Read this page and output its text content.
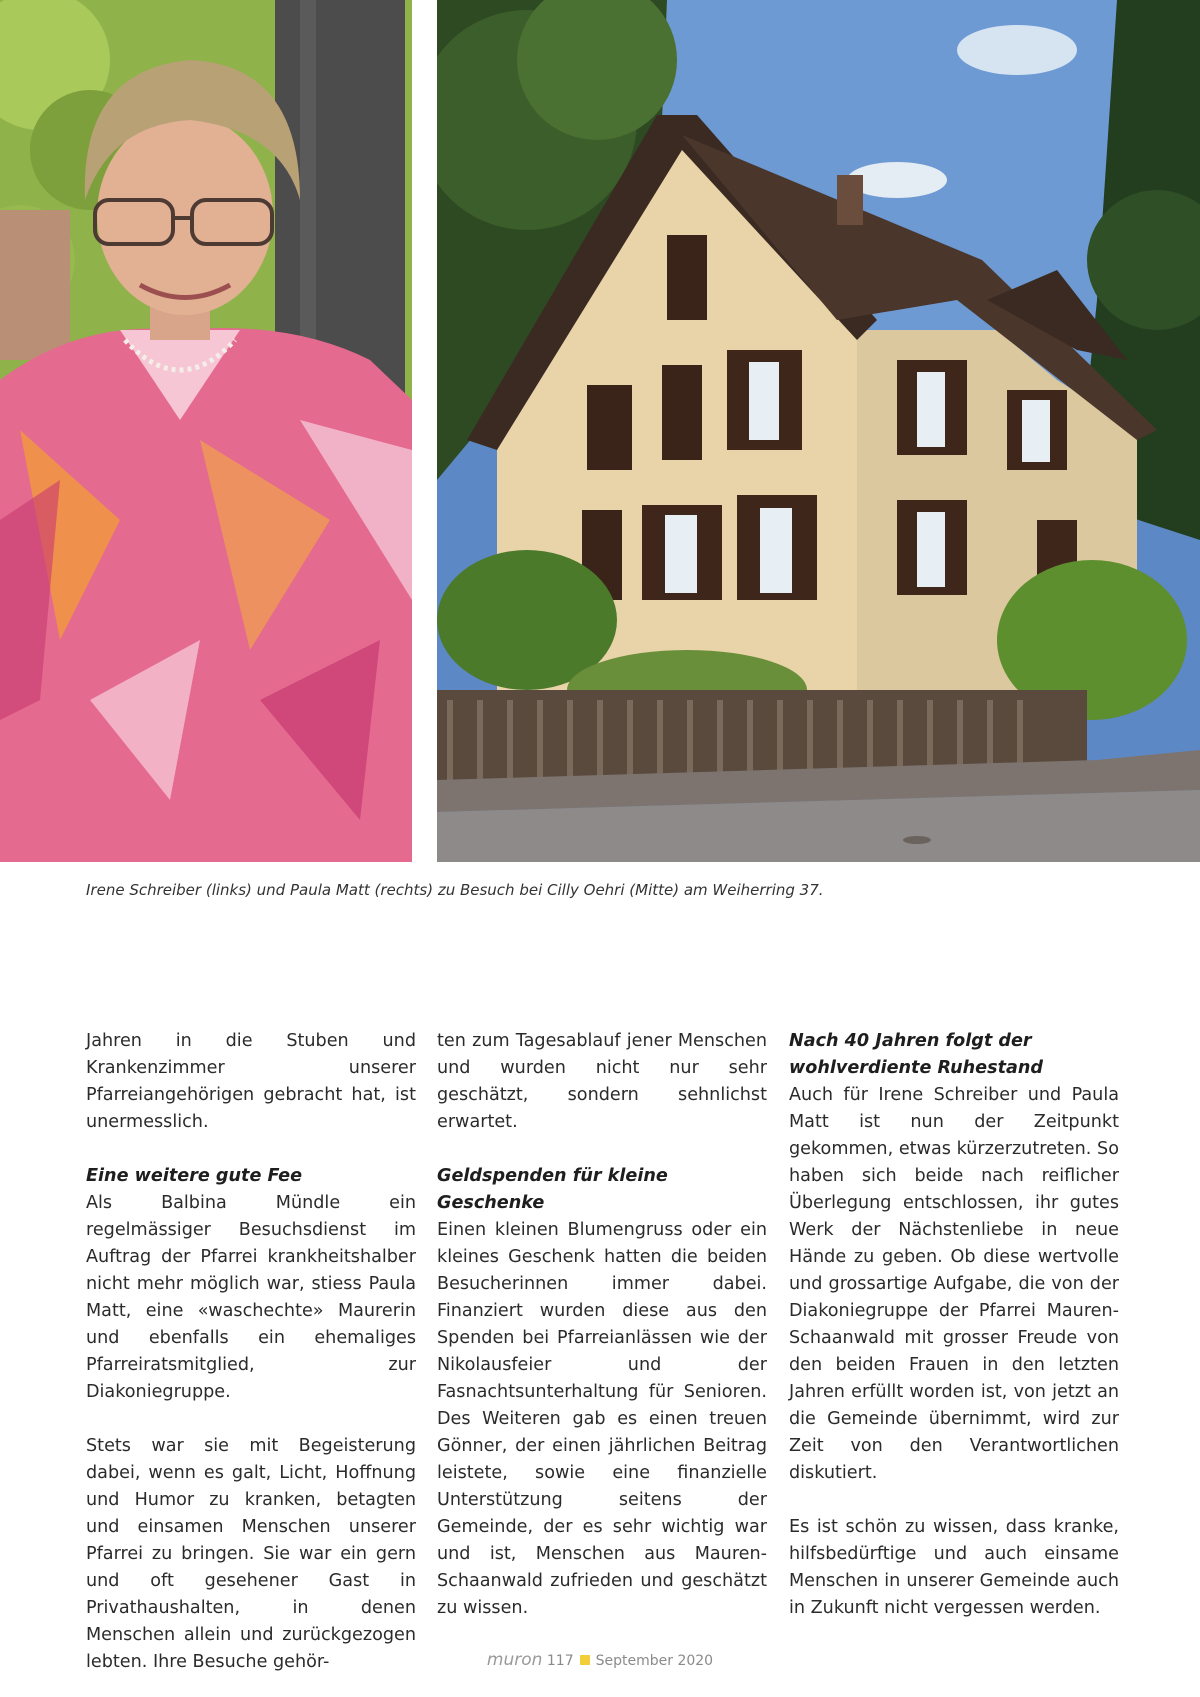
Irene Schreiber (links) und Paula Matt (rechts) zu Besuch bei Cilly Oehri (Mitte) am Weiherring 37.

Jahren in die Stuben und Krankenzimmer unserer Pfarreiangehörigen gebracht hat, ist unermesslich.

Eine weitere gute Fee

Als Balbina Mündle ein regelmässiger Besuchsdienst im Auftrag der Pfarrei krankheitshalber nicht mehr möglich war, stiess Paula Matt, eine «waschechte» Maurerin und ebenfalls ein ehemaliges Pfarreiratsmitglied, zur Diakoniegruppe.

Stets war sie mit Begeisterung dabei, wenn es galt, Licht, Hoffnung und Humor zu kranken, betagten und einsamen Menschen unserer Pfarrei zu bringen. Sie war ein gern und oft gesehener Gast in Privathaushalten, in denen Menschen allein und zurückgezogen lebten. Ihre Besuche gehör-

ten zum Tagesablauf jener Menschen und wurden nicht nur sehr geschätzt, sondern sehnlichst erwartet.

Geldspenden für kleine Geschenke

Einen kleinen Blumengruss oder ein kleines Geschenk hatten die beiden Besucherinnen immer dabei. Finanziert wurden diese aus den Spenden bei Pfarreianlässen wie der Nikolausfeier und der Fasnachtsunterhaltung für Senioren. Des Weiteren gab es einen treuen Gönner, der einen jährlichen Beitrag leistete, sowie eine finanzielle Unterstützung seitens der Gemeinde, der es sehr wichtig war und ist, Menschen aus Mauren-Schaanwald zufrieden und geschätzt zu wissen.

Nach 40 Jahren folgt der wohlverdiente Ruhestand

Auch für Irene Schreiber und Paula Matt ist nun der Zeitpunkt gekommen, etwas kürzerzutreten. So haben sich beide nach reiflicher Überlegung entschlossen, ihr gutes Werk der Nächstenliebe in neue Hände zu geben. Ob diese wertvolle und grossartige Aufgabe, die von der Diakoniegruppe der Pfarrei Mauren-Schaanwald mit grosser Freude von den beiden Frauen in den letzten Jahren erfüllt worden ist, von jetzt an die Gemeinde übernimmt, wird zur Zeit von den Verantwortlichen diskutiert.

Es ist schön zu wissen, dass kranke, hilfsbedürftige und auch einsame Menschen in unserer Gemeinde auch in Zukunft nicht vergessen werden.

muron 117 September 2020
